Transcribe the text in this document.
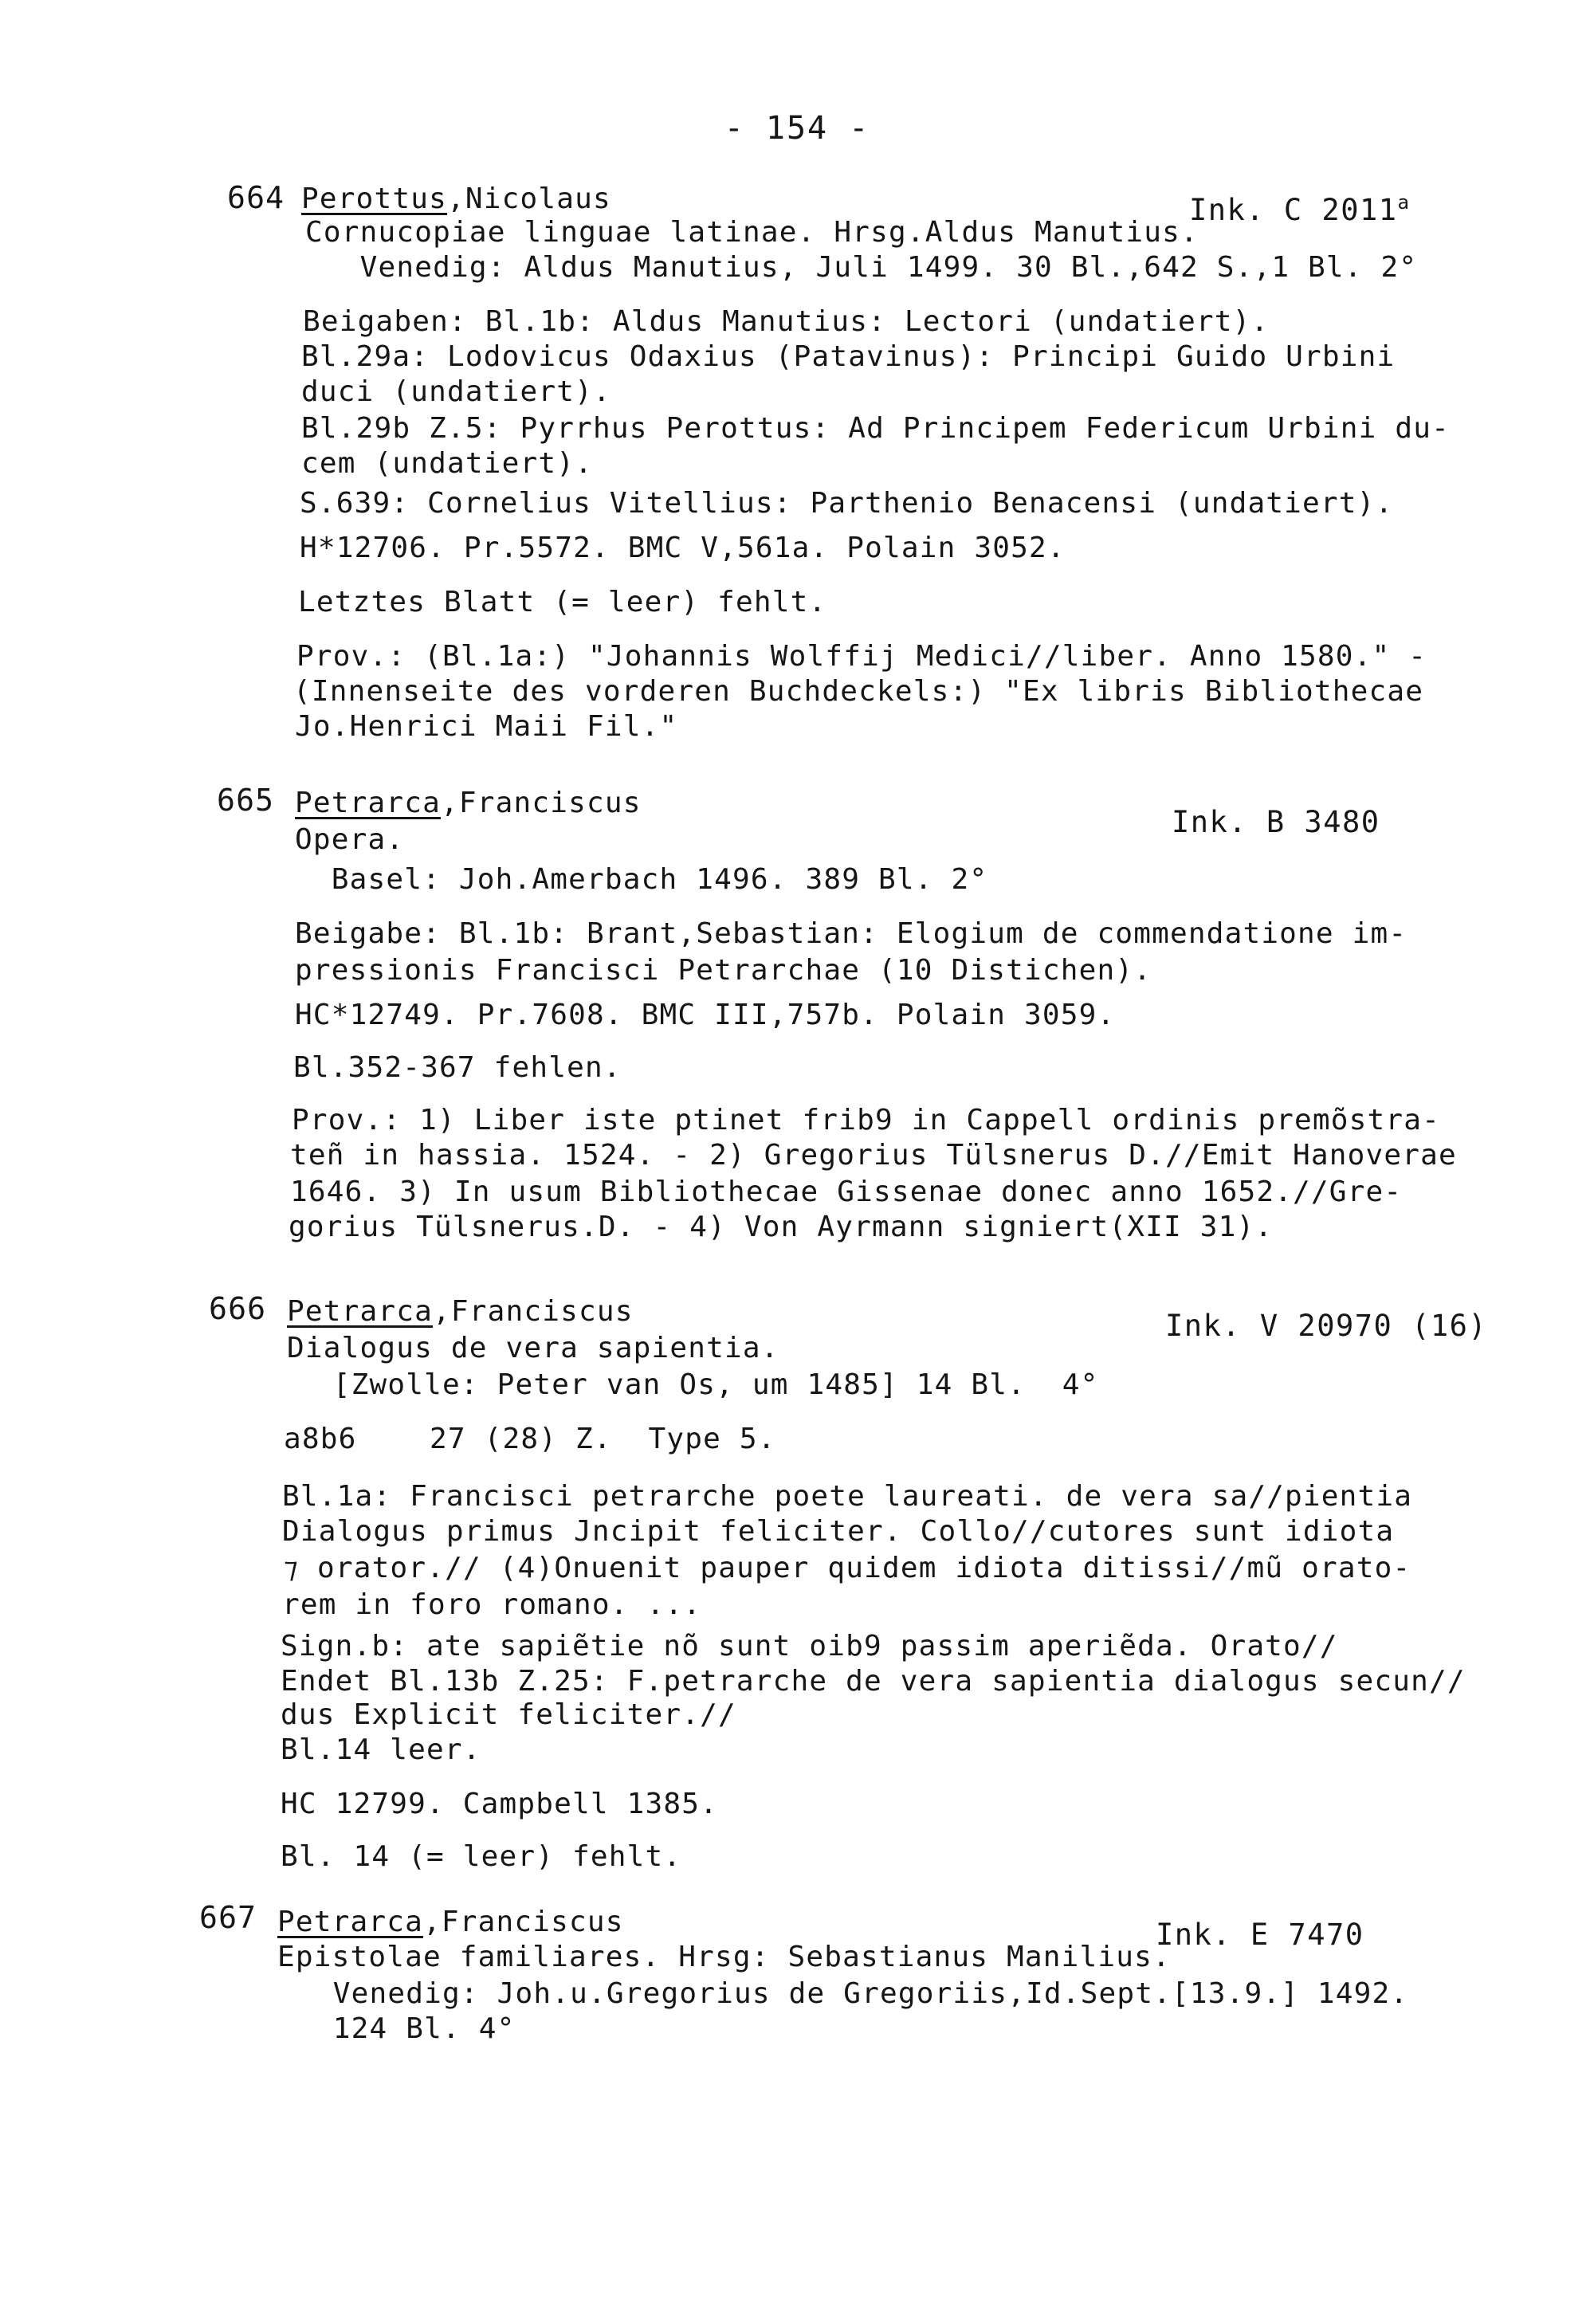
- 154 -
664 Perottus,Nicolaus	Ink. C 2011$^a$
Cornucopiae linguae latinae. Hrsg.Aldus Manutius.
Venedig: Aldus Manutius, Juli 1499. 30 Bl.,642 S.,1 Bl. 2°
Beigaben: Bl.1b: Aldus Manutius: Lectori (undatiert).
Bl.29a: Lodovicus Odaxius (Patavinus): Principi Guido Urbini
duci (undatiert).
Bl.29b Z.5: Pyrrhus Perottus: Ad Principem Federicum Urbini du-
cem (undatiert).
S.639: Cornelius Vitellius: Parthenio Benacensi (undatiert).
H*12706. Pr.5572. BMC V,561a. Polain 3052.
Letztes Blatt (= leer) fehlt.
Prov.: (Bl.1a:) "Johannis Wolffij Medici//liber. Anno 1580." -
(Innenseite des vorderen Buchdeckels:) "Ex libris Bibliothecae
Jo.Henrici Maii Fil."
665 Petrarca,Franciscus
Ink. B 3480
Opera.
Basel: Joh.Amerbach 1496. 389 Bl. 2°
Beigabe: Bl.1b: Brant,Sebastian: Elogium de commendatione im-
pressionis Francisci Petrarchae (10 Distichen).
HC*12749. Pr.7608. BMC III,757b. Polain 3059.
Bl.352-367 fehlen.
Prov.: 1) Liber iste ptinet frib9 in Cappell ordinis premõstra-
teñ in hassia. 1524. - 2) Gregorius Tülsnerus D.//Emit Hanoverae
1646. 3) In usum Bibliothecae Gissenae donec anno 1652.//Gre-
gorius Tülsnerus.D. - 4) Von Ayrmann signiert(XII 31).
666 Petrarca,Franciscus	Ink. V 20970 (16)
Dialogus de vera sapientia.
[Zwolle: Peter van Os, um 1485] 14 Bl.  4°
a8b6    27 (28) Z.  Type 5.
Bl.1a: Francisci petrarche poete laureati. de vera sa//pientia
Dialogus primus Jncipit feliciter. Collo//cutores sunt idiota
⁊ orator.// (4)Onuenit pauper quidem idiota ditissi//mũ orato-
rem in foro romano. ...
Sign.b: ate sapiẽtie nõ sunt oib9 passim aperiẽda. Orato//
Endet Bl.13b Z.25: F.petrarche de vera sapientia dialogus secun//
dus Explicit feliciter.//
Bl.14 leer.
HC 12799. Campbell 1385.
Bl. 14 (= leer) fehlt.
667 Petrarca,Franciscus	Ink. E 7470
Epistolae familiares. Hrsg: Sebastianus Manilius.
Venedig: Joh.u.Gregorius de Gregoriis,Id.Sept.[13.9.] 1492.
124 Bl. 4°
